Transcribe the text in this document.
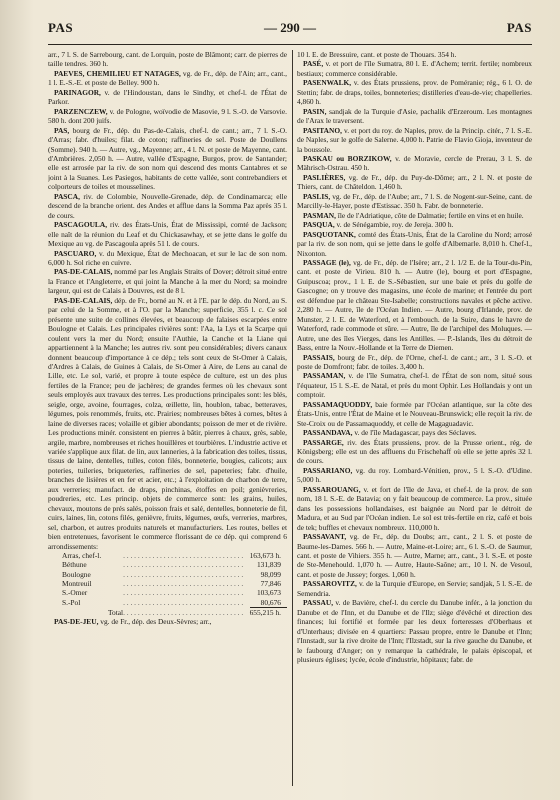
PAS	— 290 —	PAS

arr., 7 l. S. de Sarrebourg, cant. de Lorquin, poste de Blâmont; carr. de pierres de taille tendres. 360 h.

PAEVES, CHEMILIEU ET NATAGES, vg. de Fr., dép. de l'Ain; arr., cant., 1 l. E.-S.-E. et poste de Belley. 900 h.

PARINAGOR, v. de l'Hindoustan, dans le Sindhy, et chef-l. de l'État de Parkor.

PARZENCZEW, v. de Pologne, woïvodie de Masovie, 9 l. S.-O. de Varsovie. 580 h. dont 200 juifs.

PAS, bourg de Fr., dép. du Pas-de-Calais, chef-l. de cant.; arr., 7 l. S.-O. d'Arras; fabr. d'huiles; filat. de coton; raffineries de sel. Poste de Doullens (Somme). 940 h. — Autre, vg., Mayenne; arr., 4 l. N. et poste de Mayenne, cant. d'Ambrières. 2,050 h. — Autre, vallée d'Espagne, Burgos, prov. de Santander; elle est arrosée par la riv. de son nom qui descend des monts Cantabres et se joint à la Suanes. Les Pasiegos, habitants de cette vallée, sont contrebandiers et colporteurs de toiles et mousselines.

PASCA, riv. de Colombie, Nouvelle-Grenade, dép. de Condinamarca; elle descend de la branche orient. des Andes et afflue dans la Somma Paz après 35 l. de cours.

PASCAGOULA, riv. des États-Unis, État de Mississipi, comté de Jackson; elle naît de la réunion du Leaf et du Chickasawhay, et se jette dans le golfe du Mexique au vg. de Pascagoula après 51 l. de cours.

PASCUARO, v. du Mexique, État de Mechoacan, et sur le lac de son nom. 6,000 h. Sol riche en cuivre.

PAS-DE-CALAIS, nommé par les Anglais Straits of Dover; détroit situé entre la France et l'Angleterre, et qui joint la Manche à la mer du Nord; sa moindre largeur, qui est de Calais à Douvres, est de 8 l.

PAS-DE-CALAIS, dép. de Fr., borné au N. et à l'E. par le dép. du Nord, au S. par celui de la Somme, et à l'O. par la Manche; superficie, 355 l. c. Ce sol présente une suite de collines élevées, et beaucoup de falaises escarpées entre Boulogne et Calais. Les principales rivières sont: l'Aa, la Lys et la Scarpe qui coulent vers la mer du Nord; ensuite l'Authie, la Canche et la Liane qui appartiennent à la Manche; les autres riv. sont peu considérables; divers canaux donnent beaucoup d'importance à ce dép.; tels sont ceux de St-Omer à Calais, d'Ardres à Calais, de Guines à Calais, de St-Omer à Aire, de Lens au canal de Lille, etc. Le sol, varié, et propre à toute espèce de culture, est un des plus fertiles de la France; peu de jachères; de grandes fermes où les chevaux sont seuls employés aux travaux des terres. Les productions principales sont: les blés, seigle, orge, avoine, fourrages, colza, œillette, lin, houblon, tabac, betteraves, légumes, pois renommés, fruits, etc. Prairies; nombreuses bêtes à cornes, bêtes à laine de diverses races; volaille et gibier abondants; poisson de mer et de rivière. Les productions minér. consistent en pierres à bâtir, pierres à chaux, grès, sable, argile, marbre, nombreuses et riches houillères et tourbières. L'industrie active et variée s'applique aux filat. de lin, aux lanneries, à la fabrication des toiles, tissus, tissus de laine, dentelles, tulles, coton filés, bonneterie, bougies, calicots; aux poteries, tuileries, briqueteries, raffineries de sel, papeteries; fabr. d'huile, branches de lisières et en fer et acier, etc.; à l'exploitation de charbon de terre, aux verreries; manufact. de draps, pinchinas, étoffes en poil; genièvreries, poudreries, etc. Les princip. objets de commerce sont: les grains, huiles, chevaux, moutons de prés salés, poisson frais et salé, dentelles, bonneterie de fil, cuirs, laines, lin, cotons filés, genièvre, fruits, légumes, œufs, verreries, marbres, sel, charbon, et autres produits naturels et manufacturiers. Les routes, belles et bien entretenues, favorisent le commerce florissant de ce dép. qui comprend 6 arrondissements:

Arras, chef-l.	. . . . . . . . . . . . . . . . . . . . . . . . . . . . . . . . .	163,673 h.
Béthune	. . . . . . . . . . . . . . . . . . . . . . . . . . . . . . . . .	131,839
Boulogne	. . . . . . . . . . . . . . . . . . . . . . . . . . . . . . . . .	98,099
Montreuil	. . . . . . . . . . . . . . . . . . . . . . . . . . . . . . . . .	77,846
S.-Omer	. . . . . . . . . . . . . . . . . . . . . . . . . . . . . . . . .	103,673
S.-Pol	. . . . . . . . . . . . . . . . . . . . . . . . . . . . . . . . .	80,676
Total	. . . . . . . . . . . . . . . . . . . . . . . . . . . . . . . . .	655,215 h.

PAS-DE-JEU, vg. de Fr., dép. des Deux-Sèvres; arr.,

10 l. E. de Bressuire, cant. et poste de Thouars. 354 h.

PASÉ, v. et port de l'île Sumatra, 80 l. E. d'Achem; territ. fertile; nombreux bestiaux; commerce considérable.

PASENWALK, v. des États prussiens, prov. de Poméranie; rég., 6 l. O. de Stettin; fabr. de draps, toiles, bonneteries; distilleries d'eau-de-vie; chapelleries. 4,860 h.

PASIN, sandjak de la Turquie d'Asie, pachalik d'Erzeroum. Les montagnes de l'Arax le traversent.

PASITANO, v. et port du roy. de Naples, prov. de la Princip. citér., 7 l. S.-E. de Naples, sur le golfe de Salerne. 4,000 h. Patrie de Flavio Gioja, inventeur de la boussole.

PASKAU ou BORZIKOW, v. de Moravie, cercle de Prerau, 3 l. S. de Mährisch-Ostrau. 450 h.

PASLIÈRES, vg. de Fr., dép. du Puy-de-Dôme; arr., 2 l. N. et poste de Thiers, cant. de Châteldon. 1,460 h.

PASLIS, vg. de Fr., dép. de l'Aube; arr., 7 l. S. de Nogent-sur-Seine, cant. de Marcilly-le-Hayer, poste d'Estissac. 350 h. Fabr. de bonneterie.

PASMAN, île de l'Adriatique, côte de Dalmatie; fertile en vins et en huile.

PASQUA, v. de Sénégambie, roy. de Jereja. 300 h.

PASQUOTANK, comté des États-Unis, État de la Caroline du Nord; arrosé par la riv. de son nom, qui se jette dans le golfe d'Albemarle. 8,010 h. Chef-l., Nixonton.

PASSAGE (le), vg. de Fr., dép. de l'Isère; arr., 2 l. 1/2 E. de la Tour-du-Pin, cant. et poste de Virieu. 810 h. — Autre (le), bourg et port d'Espagne, Guipuscoa; prov., 1 l. E. de S.-Sébastien, sur une baie et près du golfe de Gascogne; on y trouve des magasins, une école de marine; et l'entrée du port est défendue par le château Ste-Isabelle; constructions navales et pêche active. 2,280 h. — Autre, île de l'Océan Indien. — Autre, bourg d'Irlande, prov. de Munster, 2 l. E. de Waterford, et à l'embouch. de la Suire, dans le havre de Waterford, rade commode et sûre. — Autre, île de l'archipel des Moluques. — Autre, une des îles Vierges, dans les Antilles. — P.-Islands, îles du détroit de Bass, entre la Nouv.-Hollande et la Terre de Diemen.

PASSAIS, bourg de Fr., dép. de l'Orne, chef-l. de cant.; arr., 3 l. S.-O. et poste de Domfront; fabr. de toiles. 3,400 h.

PASSAMAN, v. de l'île Sumatra, chef-l. de l'État de son nom, situé sous l'équateur, 15 l. S.-E. de Natal, et près du mont Ophir. Les Hollandais y ont un comptoir.

PASSAMAQUODDY, baie formée par l'Océan atlantique, sur la côte des États-Unis, entre l'État de Maine et le Nouveau-Brunswick; elle reçoit la riv. de Ste-Croix ou de Passamaquoddy, et celle de Magaguadavic.

PASSANDAVA, v. de l'île Madagascar, pays des Séclaves.

PASSARGE, riv. des États prussiens, prov. de la Prusse orient., rég. de Königsberg; elle est un des affluens du Frischehaff où elle se jette après 32 l. de cours.

PASSARIANO, vg. du roy. Lombard-Vénitien, prov., 5 l. S.-O. d'Udine. 5,000 h.

PASSAROUANG, v. et fort de l'île de Java, et chef-l. de la prov. de son nom, 18 l. S.-E. de Batavia; on y fait beaucoup de commerce. La prov., située dans les possessions hollandaises, est baignée au Nord par le détroit de Madura, et au Sud par l'Océan indien. Le sol est très-fertile en riz, café et bois de tek; buffles et chevaux nombreux. 110,000 h.

PASSAVANT, vg. de Fr., dép. du Doubs; arr., cant., 2 l. S. et poste de Baume-les-Dames. 566 h. — Autre, Maine-et-Loire; arr., 6 l. S.-O. de Saumur, cant. et poste de Vihiers. 355 h. — Autre, Marne; arr., cant., 3 l. S.-E. et poste de Ste-Menehould. 1,070 h. — Autre, Haute-Saône; arr., 10 l. N. de Vesoul, cant. et poste de Jussey; forges. 1,060 h.

PASSAROVITZ, v. de la Turquie d'Europe, en Servie; sandjak, 5 l. S.-E. de Semendria.

PASSAU, v. de Bavière, chef-l. du cercle du Danube infér., à la jonction du Danube et de l'Inn, et du Danube et de l'Ilz; siège d'évêché et direction des finances; lui fortifié et formée par les deux forteresses d'Oberhaus et d'Unterhaus; divisée en 4 quartiers: Passau propre, entre le Danube et l'Inn; l'Innstadt, sur la rive droite de l'Inn; l'Ilzstadt, sur la rive gauche du Danube, et le faubourg d'Anger; on y remarque la cathédrale, le palais épiscopal, et plusieurs églises; lycée, école d'industrie, hôpitaux; fabr. de
